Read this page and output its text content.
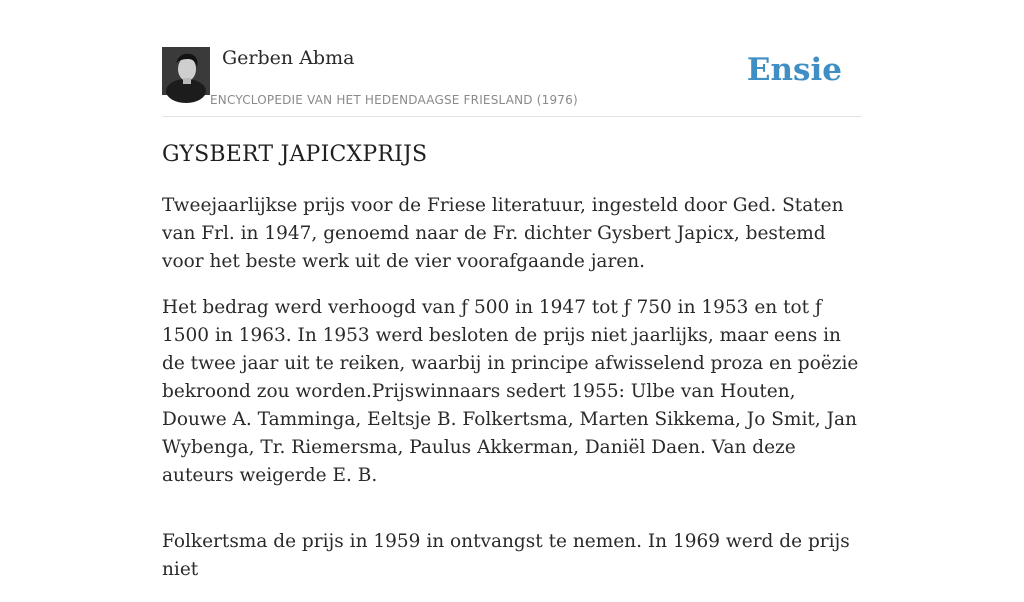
Gerben Abma
ENCYCLOPEDIE VAN HET HEDENDAAGSE FRIESLAND (1976)
Ensie
GYSBERT JAPICXPRIJS

Tweejaarlijkse prijs voor de Friese literatuur, ingesteld door Ged. Staten van Frl. in 1947, genoemd naar de Fr. dichter Gysbert Japicx, bestemd voor het beste werk uit de vier voorafgaande jaren.

Het bedrag werd verhoogd van ƒ 500 in 1947 tot ƒ 750 in 1953 en tot ƒ 1500 in 1963. In 1953 werd besloten de prijs niet jaarlijks, maar eens in de twee jaar uit te reiken, waarbij in principe afwisselend proza en poëzie bekroond zou worden.Prijswinnaars sedert 1955: Ulbe van Houten, Douwe A. Tamminga, Eeltsje B. Folkertsma, Marten Sikkema, Jo Smit, Jan Wybenga, Tr. Riemersma, Paulus Akkerman, Daniël Daen. Van deze auteurs weigerde E. B.

Folkertsma de prijs in 1959 in ontvangst te nemen. In 1969 werd de prijs niet
